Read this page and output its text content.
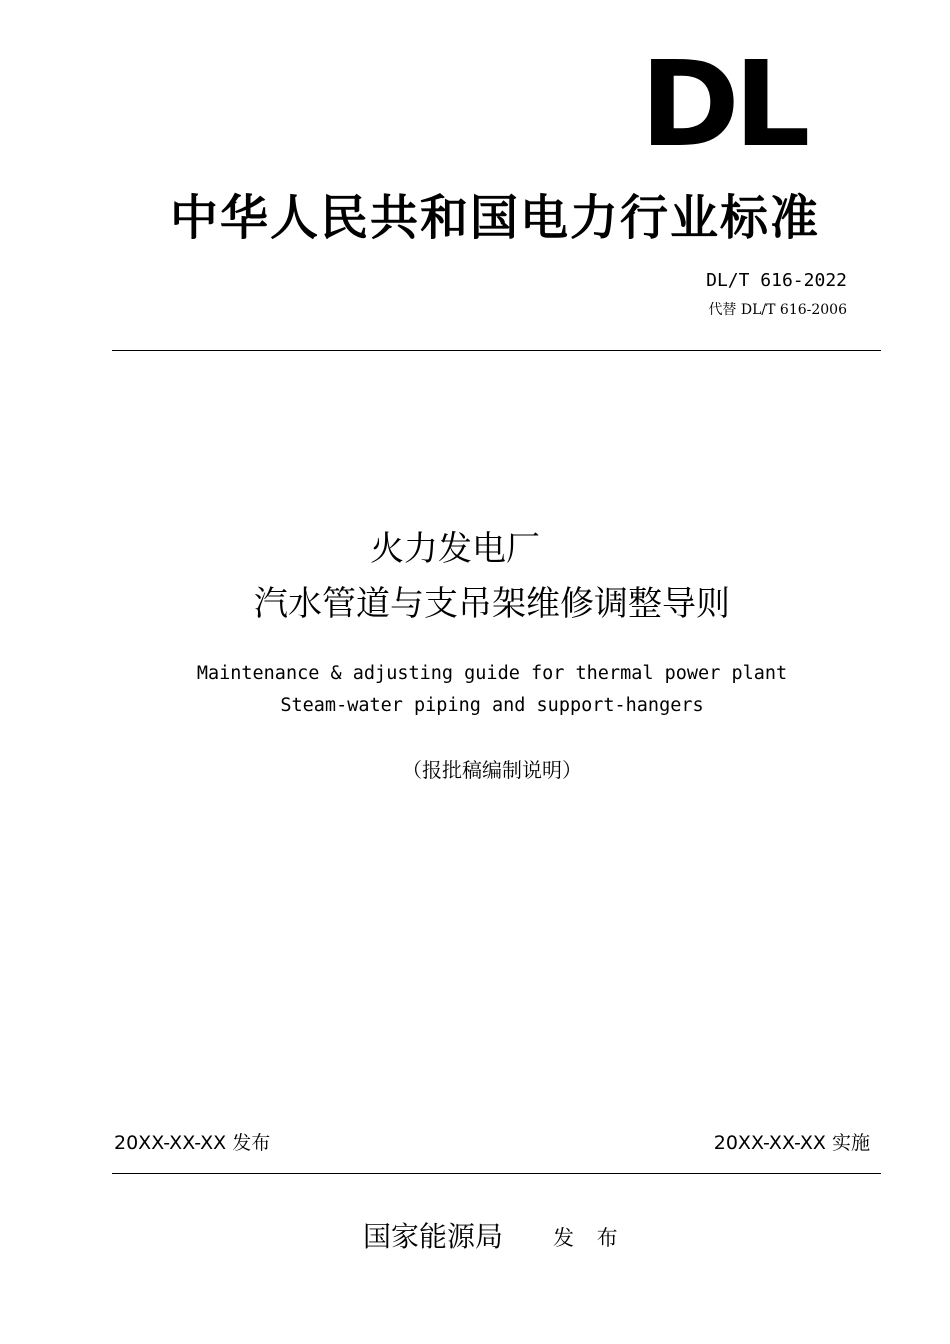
DL
中华人民共和国电力行业标准
DL/T 616-2022
代替 DL/T 616-2006
火力发电厂
汽水管道与支吊架维修调整导则
Maintenance & adjusting guide for thermal power plant
Steam-water piping and support-hangers
（报批稿编制说明）
20XX-XX-XX 发布	20XX-XX-XX 实施
国家能源局 发 布
